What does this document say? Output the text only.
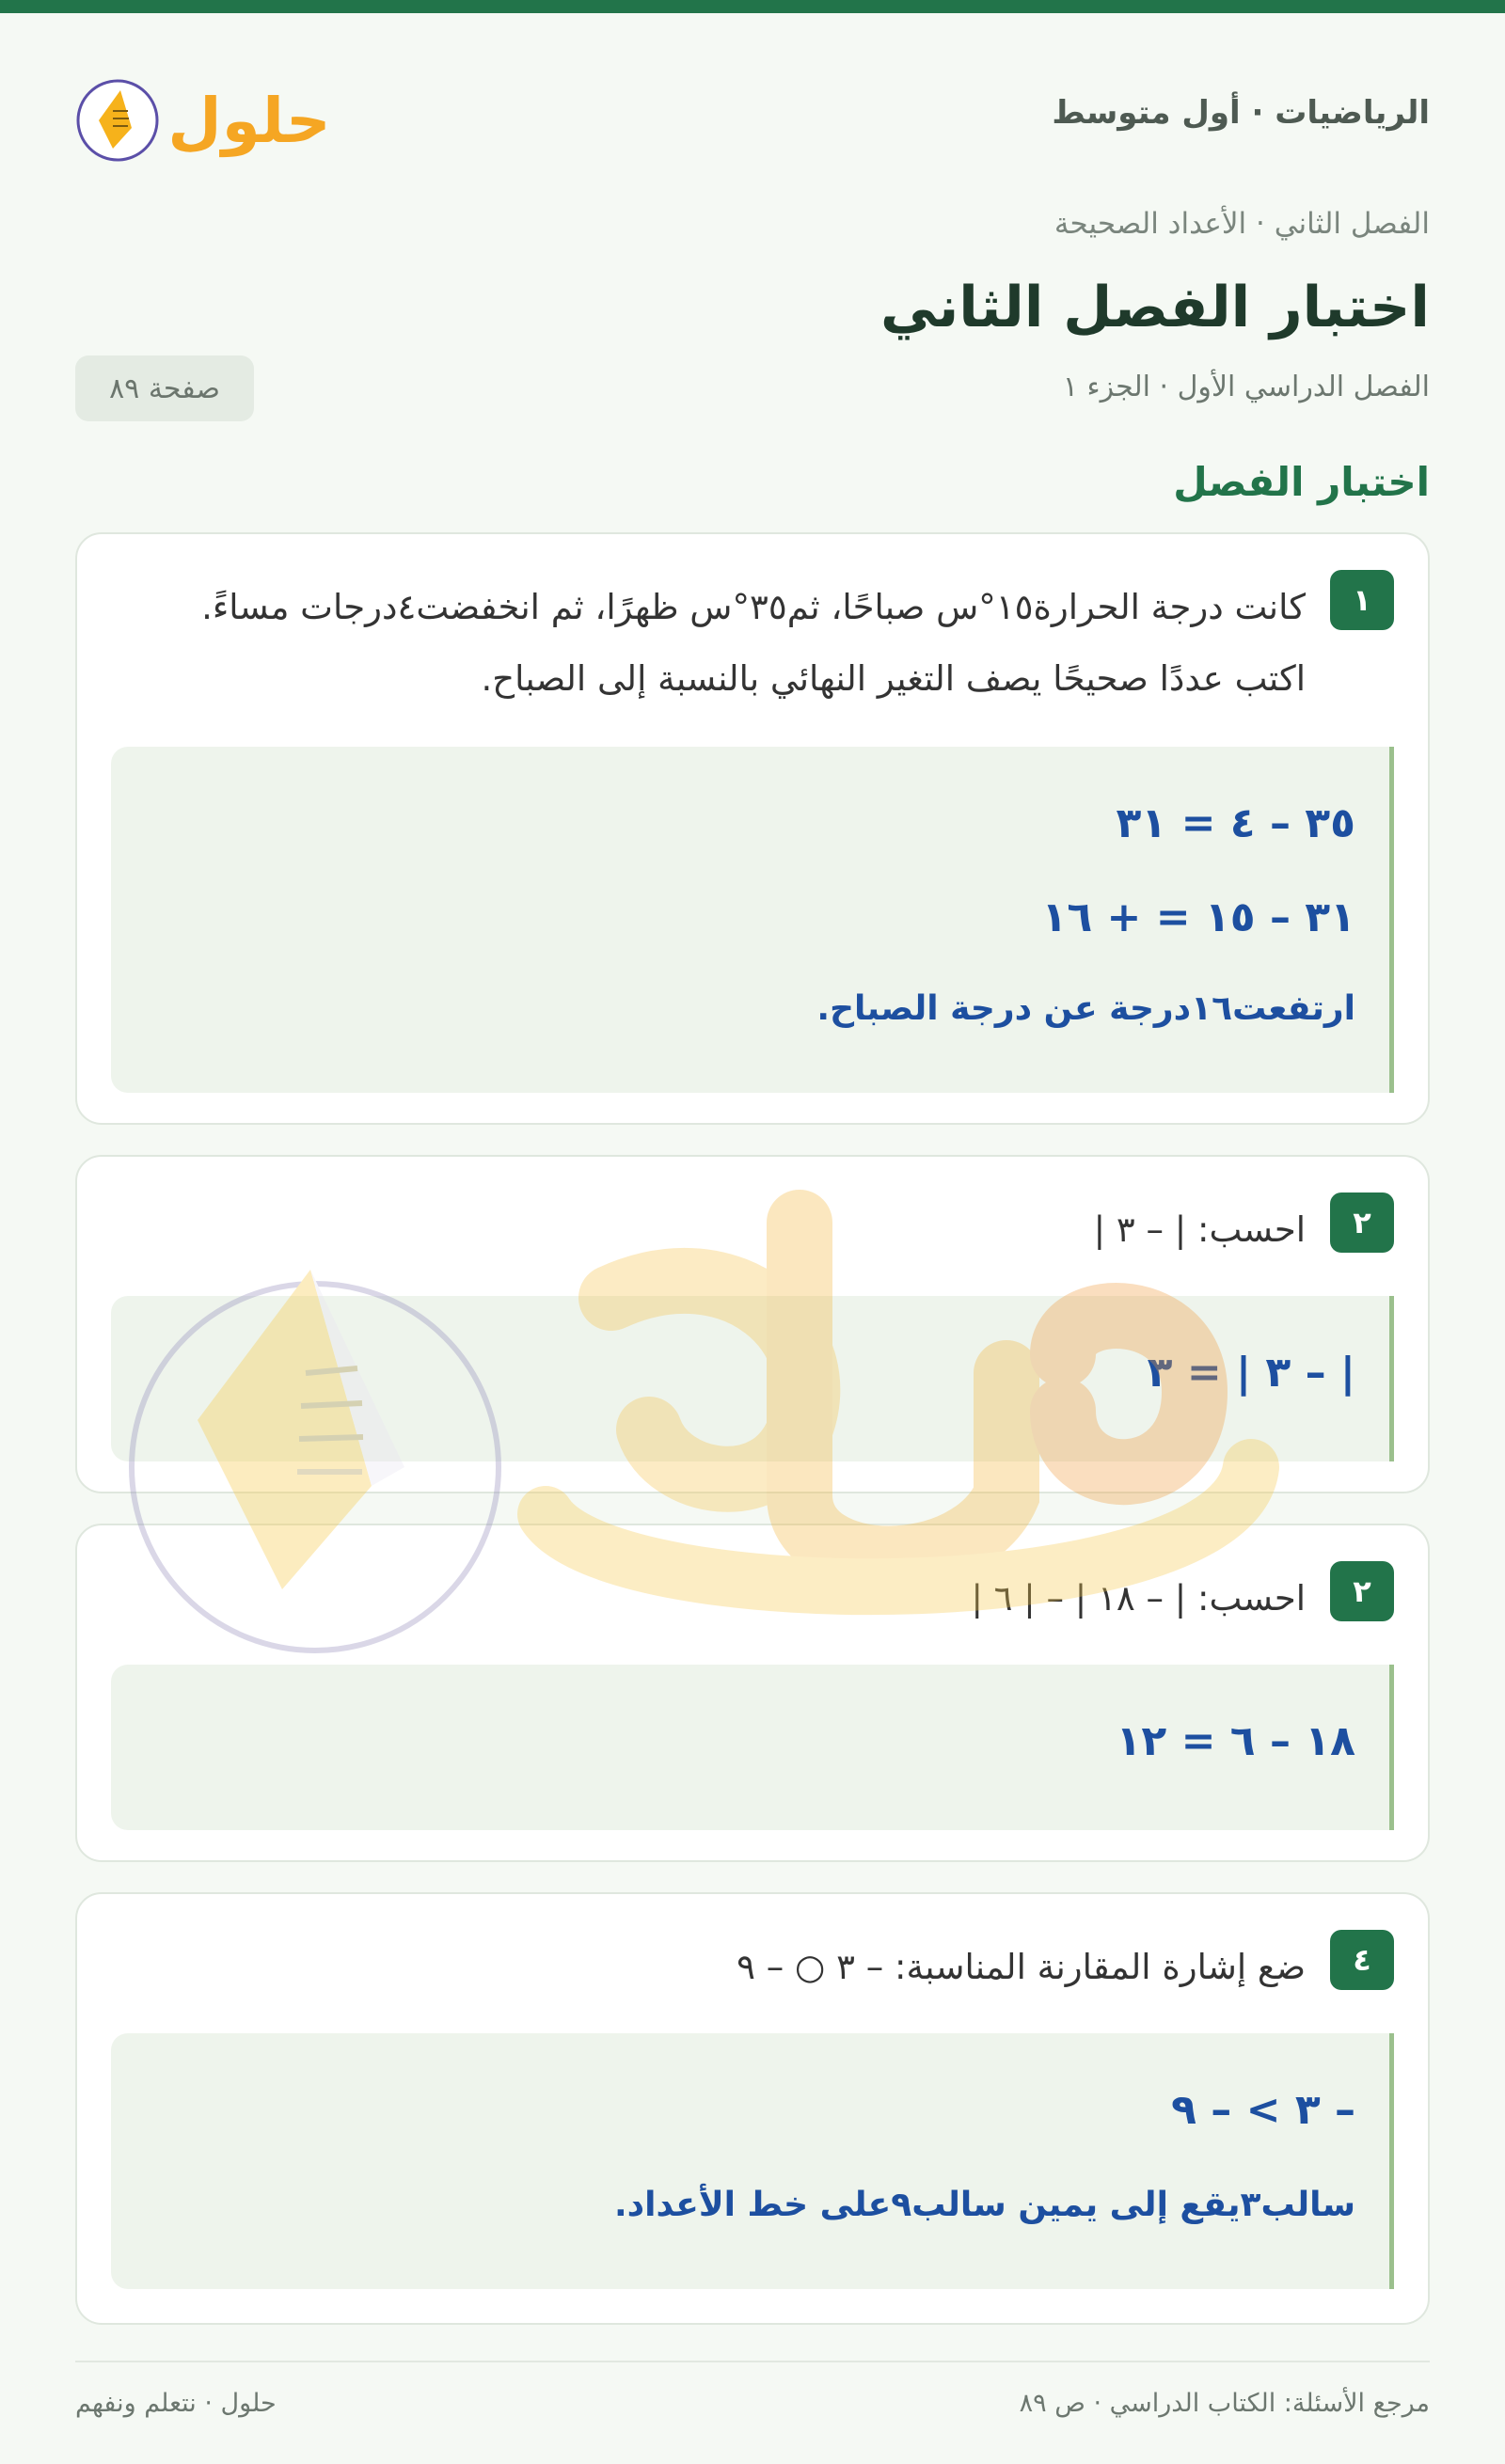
الرياضيات · أول متوسط
حلول
الفصل الثاني · الأعداد الصحيحة
اختبار الفصل الثاني
الفصل الدراسي الأول · الجزء ١
صفحة ٨٩
اختبار الفصل
١
كانت درجة الحرارة١٥°س صباحًا، ثم٣٥°س ظهرًا، ثم انخفضت٤درجات مساءً. اكتب عددًا صحيحًا يصف التغير النهائي بالنسبة إلى الصباح.
٣٥ – ٤ = ٣١
٣١ – ١٥ = + ١٦
ارتفعت١٦درجة عن درجة الصباح.
٢
احسب: | – ٣ |
| – ٣ | = ٣
٢
احسب: | – ١٨ | – | ٦ |
١٨ – ٦ = ١٢
٤
ضع إشارة المقارنة المناسبة: – ٣ ○ – ٩
– ٣ > – ٩
سالب٣يقع إلى يمين سالب٩على خط الأعداد.
مرجع الأسئلة: الكتاب الدراسي · ص ٨٩
حلول · نتعلم ونفهم
